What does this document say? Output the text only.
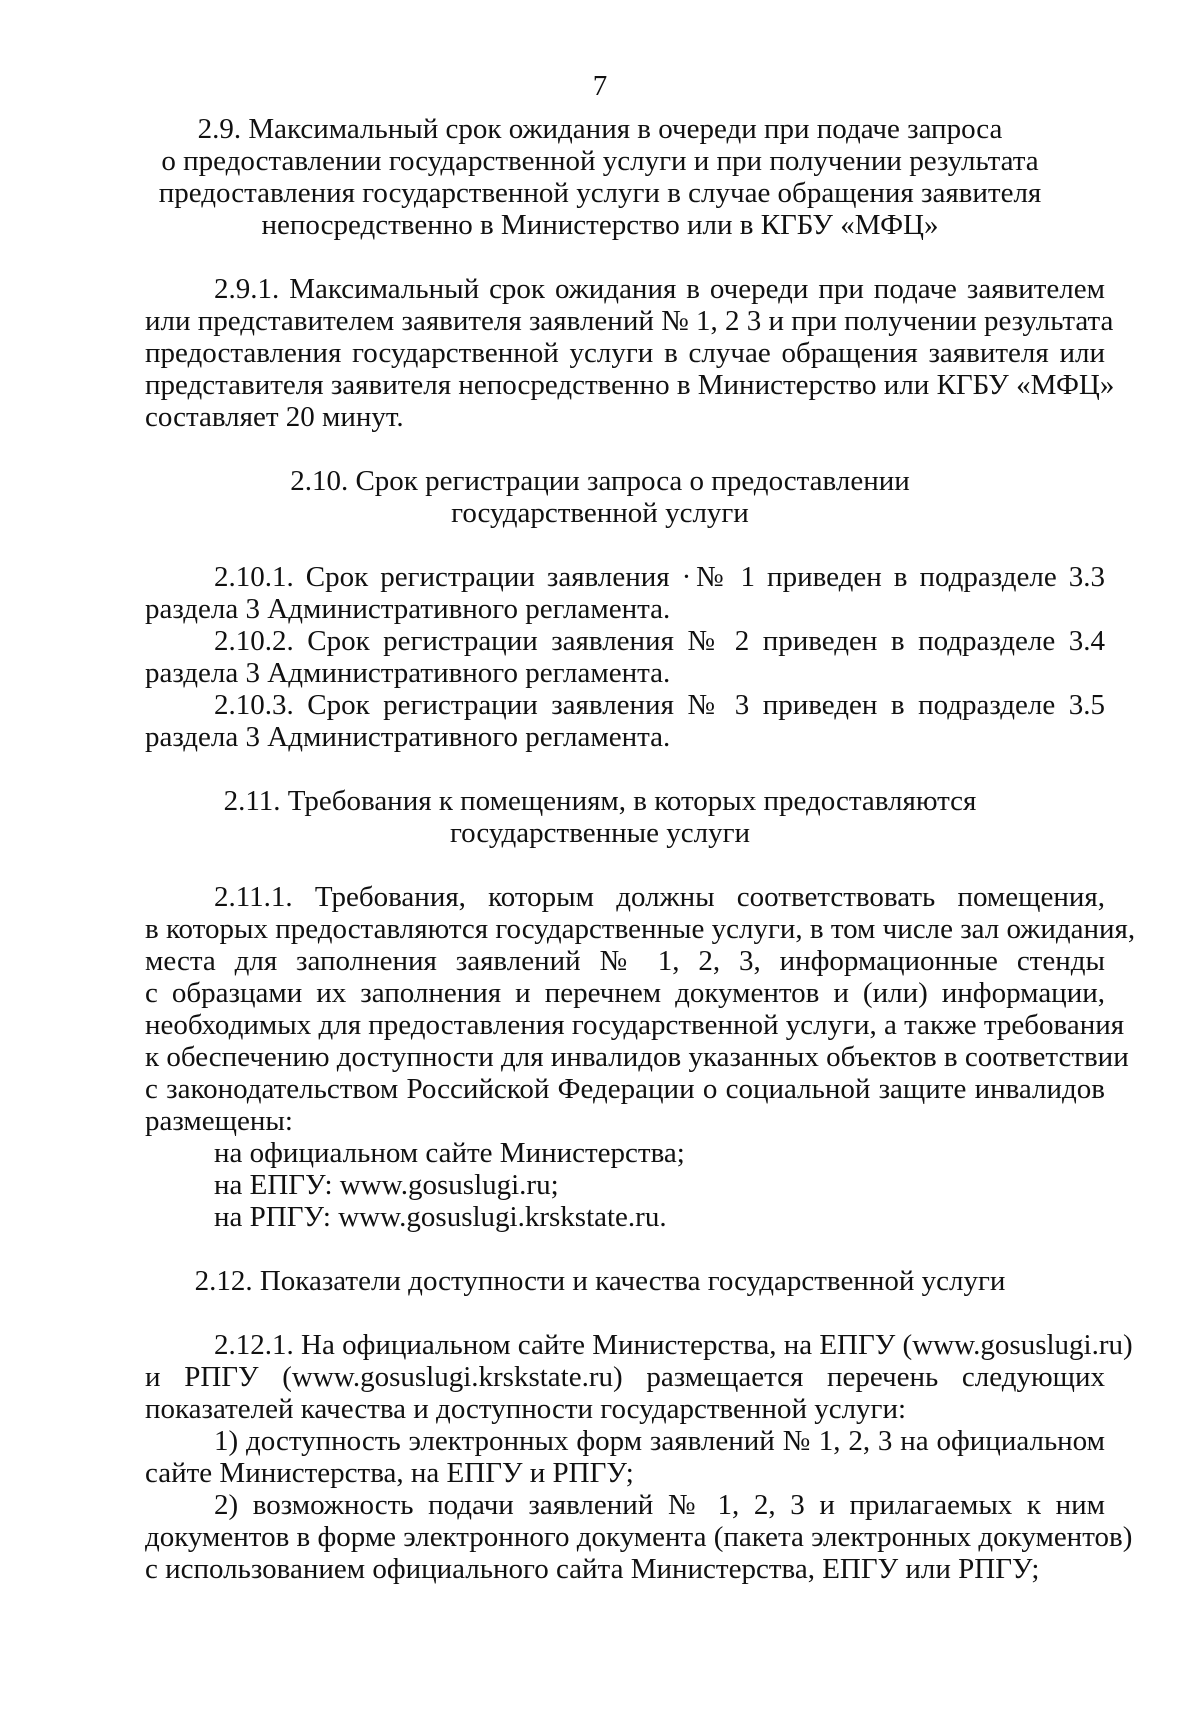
7
2.9. Максимальный срок ожидания в очереди при подаче запроса
о предоставлении государственной услуги и при получении результата
предоставления государственной услуги в случае обращения заявителя
непосредственно в Министерство или в КГБУ «МФЦ»
2.9.1. Максимальный срок ожидания в очереди при подаче заявителем
или представителем заявителя заявлений № 1, 2 3 и при получении результата
предоставления государственной услуги в случае обращения заявителя или
представителя заявителя непосредственно в Министерство или КГБУ «МФЦ»
составляет 20 минут.
2.10. Срок регистрации запроса о предоставлении
государственной услуги
2.10.1. Срок регистрации заявления ·№ 1 приведен в подразделе 3.3
раздела 3 Административного регламента.
2.10.2. Срок регистрации заявления № 2 приведен в подразделе 3.4
раздела 3 Административного регламента.
2.10.3. Срок регистрации заявления № 3 приведен в подразделе 3.5
раздела 3 Административного регламента.
2.11. Требования к помещениям, в которых предоставляются
государственные услуги
2.11.1. Требования, которым должны соответствовать помещения,
в которых предоставляются государственные услуги, в том числе зал ожидания,
места для заполнения заявлений № 1, 2, 3, информационные стенды
с образцами их заполнения и перечнем документов и (или) информации,
необходимых для предоставления государственной услуги, а также требования
к обеспечению доступности для инвалидов указанных объектов в соответствии
с законодательством Российской Федерации о социальной защите инвалидов
размещены:
на официальном сайте Министерства;
на ЕПГУ: www.gosuslugi.ru;
на РПГУ: www.gosuslugi.krskstate.ru.
2.12. Показатели доступности и качества государственной услуги
2.12.1. На официальном сайте Министерства, на ЕПГУ (www.gosuslugi.ru)
и РПГУ (www.gosuslugi.krskstate.ru) размещается перечень следующих
показателей качества и доступности государственной услуги:
1) доступность электронных форм заявлений № 1, 2, 3 на официальном
сайте Министерства, на ЕПГУ и РПГУ;
2) возможность подачи заявлений № 1, 2, 3 и прилагаемых к ним
документов в форме электронного документа (пакета электронных документов)
с использованием официального сайта Министерства, ЕПГУ или РПГУ;
